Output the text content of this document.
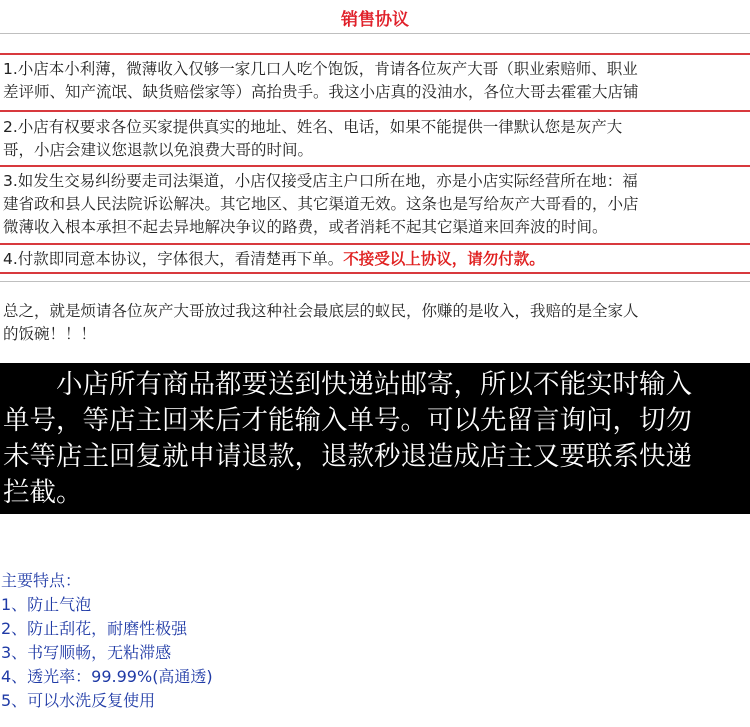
销售协议
1.小店本小利薄，微薄收入仅够一家几口人吃个饱饭，肯请各位灰产大哥（职业索赔师、职业
差评师、知产流氓、缺货赔偿家等）高抬贵手。我这小店真的没油水，各位大哥去霍霍大店铺
2.小店有权要求各位买家提供真实的地址、姓名、电话，如果不能提供一律默认您是灰产大
哥，小店会建议您退款以免浪费大哥的时间。
3.如发生交易纠纷要走司法渠道，小店仅接受店主户口所在地，亦是小店实际经营所在地：福
建省政和县人民法院诉讼解决。其它地区、其它渠道无效。这条也是写给灰产大哥看的，小店
微薄收入根本承担不起去异地解决争议的路费，或者消耗不起其它渠道来回奔波的时间。
4.付款即同意本协议，字体很大，看清楚再下单。不接受以上协议，请勿付款。
总之，就是烦请各位灰产大哥放过我这种社会最底层的蚁民，你赚的是收入，我赔的是全家人
的饭碗！！！
　　小店所有商品都要送到快递站邮寄，所以不能实时输入
单号，等店主回来后才能输入单号。可以先留言询问，切勿
未等店主回复就申请退款，退款秒退造成店主又要联系快递
拦截。
主要特点：
1、防止气泡
2、防止刮花，耐磨性极强
3、书写顺畅，无粘滞感
4、透光率：99.99%(高通透)
5、可以水洗反复使用
